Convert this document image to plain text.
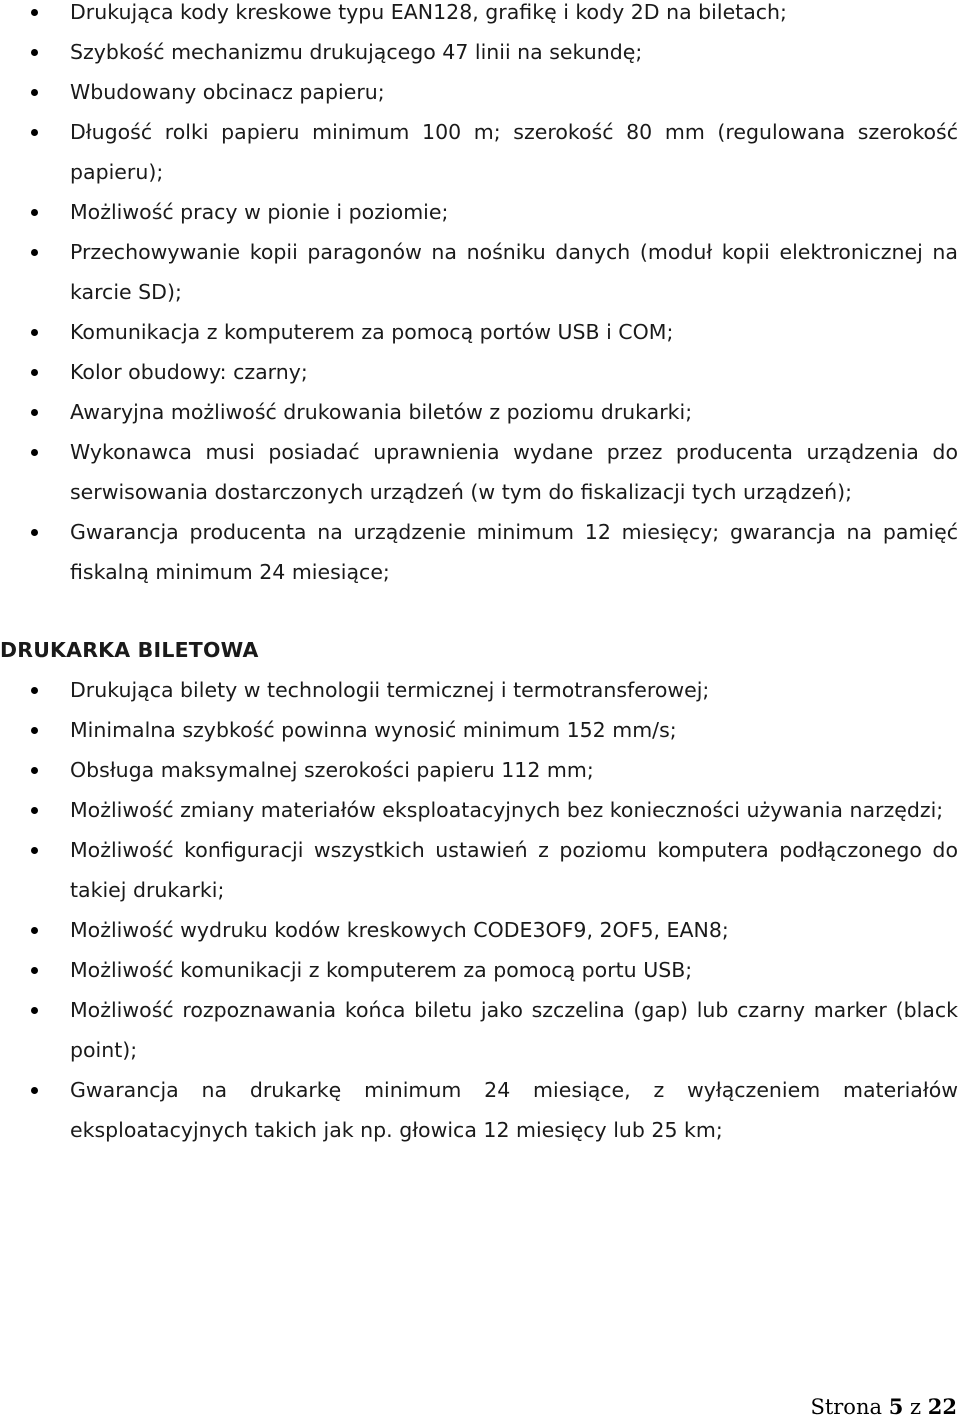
Drukująca kody kreskowe typu EAN128, grafikę i kody 2D na biletach;
Szybkość mechanizmu drukującego 47 linii na sekundę;
Wbudowany obcinacz papieru;
Długość rolki papieru minimum 100 m; szerokość 80 mm (regulowana szerokość papieru);
Możliwość pracy w pionie i poziomie;
Przechowywanie kopii paragonów na nośniku danych (moduł kopii elektronicznej na karcie SD);
Komunikacja z komputerem za pomocą portów USB i COM;
Kolor obudowy: czarny;
Awaryjna możliwość drukowania biletów z poziomu drukarki;
Wykonawca musi posiadać uprawnienia wydane przez producenta urządzenia do serwisowania dostarczonych urządzeń (w tym do fiskalizacji tych urządzeń);
Gwarancja producenta na urządzenie minimum 12 miesięcy; gwarancja na pamięć fiskalną minimum 24 miesiące;
DRUKARKA BILETOWA
Drukująca bilety w technologii termicznej i termotransferowej;
Minimalna szybkość powinna wynosić minimum 152 mm/s;
Obsługa maksymalnej szerokości papieru 112 mm;
Możliwość zmiany materiałów eksploatacyjnych bez konieczności używania narzędzi;
Możliwość konfiguracji wszystkich ustawień z poziomu komputera podłączonego do takiej drukarki;
Możliwość wydruku kodów kreskowych CODE3OF9, 2OF5, EAN8;
Możliwość komunikacji z komputerem za pomocą portu USB;
Możliwość rozpoznawania końca biletu jako szczelina (gap) lub czarny marker (black point);
Gwarancja na drukarkę minimum 24 miesiące, z wyłączeniem materiałów eksploatacyjnych takich jak np. głowica 12 miesięcy lub 25 km;
Strona 5 z 22
